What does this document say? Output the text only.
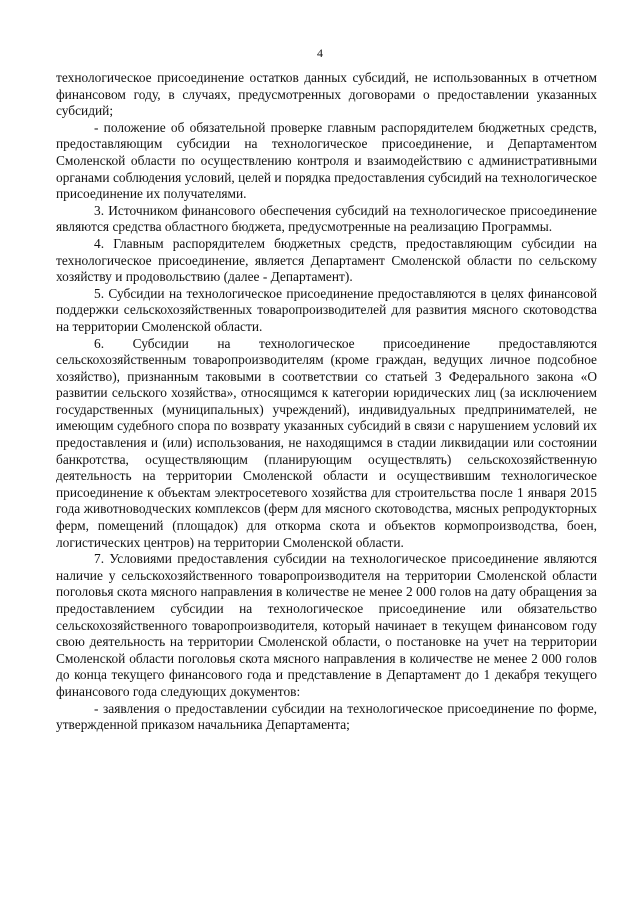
4

технологическое присоединение остатков данных субсидий, не использованных в отчетном финансовом году, в случаях, предусмотренных договорами о предоставлении указанных субсидий;

- положение об обязательной проверке главным распорядителем бюджетных средств, предоставляющим субсидии на технологическое присоединение, и Департаментом Смоленской области по осуществлению контроля и взаимодействию с административными органами соблюдения условий, целей и порядка предоставления субсидий на технологическое присоединение их получателями.

3. Источником финансового обеспечения субсидий на технологическое присоединение являются средства областного бюджета, предусмотренные на реализацию Программы.

4. Главным распорядителем бюджетных средств, предоставляющим субсидии на технологическое присоединение, является Департамент Смоленской области по сельскому хозяйству и продовольствию (далее - Департамент).

5. Субсидии на технологическое присоединение предоставляются в целях финансовой поддержки сельскохозяйственных товаропроизводителей для развития мясного скотоводства на территории Смоленской области.

6. Субсидии на технологическое присоединение предоставляются сельскохозяйственным товаропроизводителям (кроме граждан, ведущих личное подсобное хозяйство), признанным таковыми в соответствии со статьей 3 Федерального закона «О развитии сельского хозяйства», относящимся к категории юридических лиц (за исключением государственных (муниципальных) учреждений), индивидуальных предпринимателей, не имеющим судебного спора по возврату указанных субсидий в связи с нарушением условий их предоставления и (или) использования, не находящимся в стадии ликвидации или состоянии банкротства, осуществляющим (планирующим осуществлять) сельскохозяйственную деятельность на территории Смоленской области и осуществившим технологическое присоединение к объектам электросетевого хозяйства для строительства после 1 января 2015 года животноводческих комплексов (ферм для мясного скотоводства, мясных репродукторных ферм, помещений (площадок) для откорма скота и объектов кормопроизводства, боен, логистических центров) на территории Смоленской области.

7. Условиями предоставления субсидии на технологическое присоединение являются наличие у сельскохозяйственного товаропроизводителя на территории Смоленской области поголовья скота мясного направления в количестве не менее 2 000 голов на дату обращения за предоставлением субсидии на технологическое присоединение или обязательство сельскохозяйственного товаропроизводителя, который начинает в текущем финансовом году свою деятельность на территории Смоленской области, о постановке на учет на территории Смоленской области поголовья скота мясного направления в количестве не менее 2 000 голов до конца текущего финансового года и представление в Департамент до 1 декабря текущего финансового года следующих документов:

- заявления о предоставлении субсидии на технологическое присоединение по форме, утвержденной приказом начальника Департамента;
